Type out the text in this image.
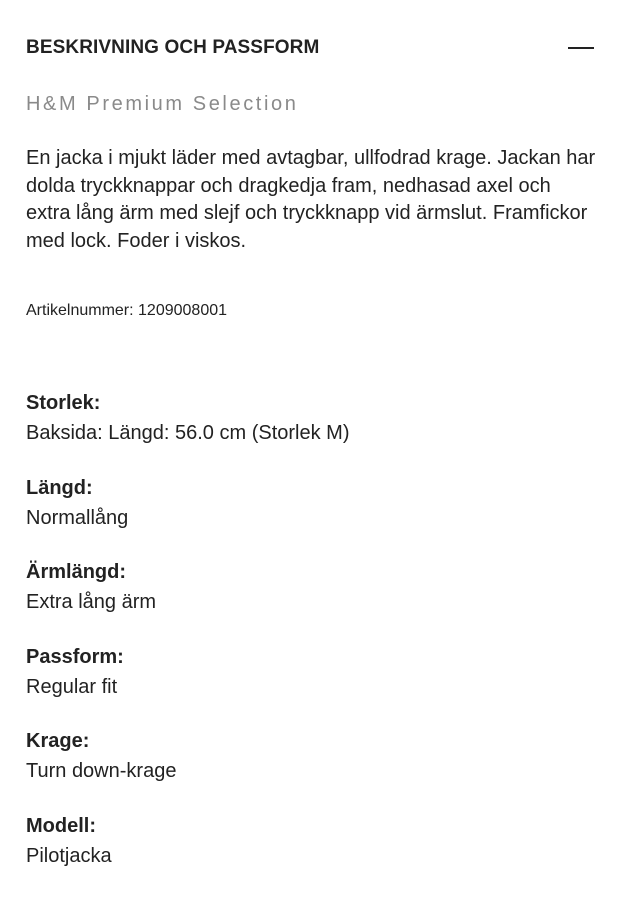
BESKRIVNING OCH PASSFORM
H&M Premium Selection

En jacka i mjukt läder med avtagbar, ullfodrad krage. Jackan har dolda tryckknappar och dragkedja fram, nedhasad axel och extra lång ärm med slejf och tryckknapp vid ärmslut. Framfickor med lock. Foder i viskos.

Artikelnummer: 1209008001
Storlek:
Baksida: Längd: 56.0 cm (Storlek M)
Längd:
Normallång
Ärmlängd:
Extra lång ärm
Passform:
Regular fit
Krage:
Turn down-krage
Modell:
Pilotjacka
